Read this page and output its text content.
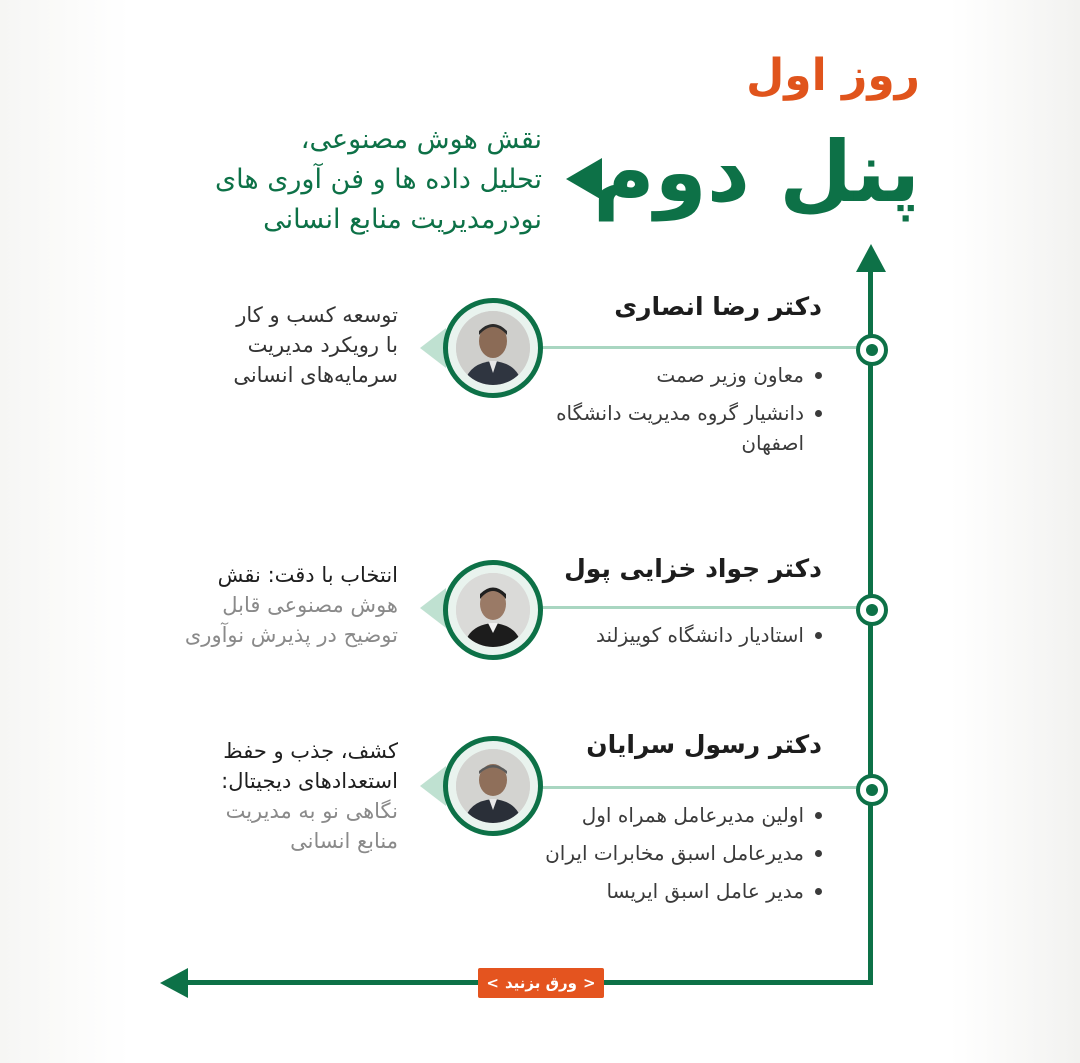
روز اول
پنل دوم
نقش هوش مصنوعی،
تحلیل داده ها و فن آوری های
نودرمدیریت منابع انسانی
دکتر رضا انصاری
معاون وزیر صمت
دانشیار گروه مدیریت دانشگاه اصفهان
توسعه کسب و کار
با رویکرد مدیریت
سرمایه‌های انسانی
دکتر جواد خزایی پول
استادیار دانشگاه کوییزلند
انتخاب با دقت: نقش
هوش مصنوعی قابل
توضیح در پذیرش نوآوری
دکتر رسول سرایان
اولین مدیرعامل همراه اول
مدیرعامل اسبق مخابرات ایران
مدیر عامل اسبق ایریسا
کشف، جذب و حفظ
استعدادهای دیجیتال:
نگاهی نو به مدیریت
منابع انسانی
< ورق بزنید >
